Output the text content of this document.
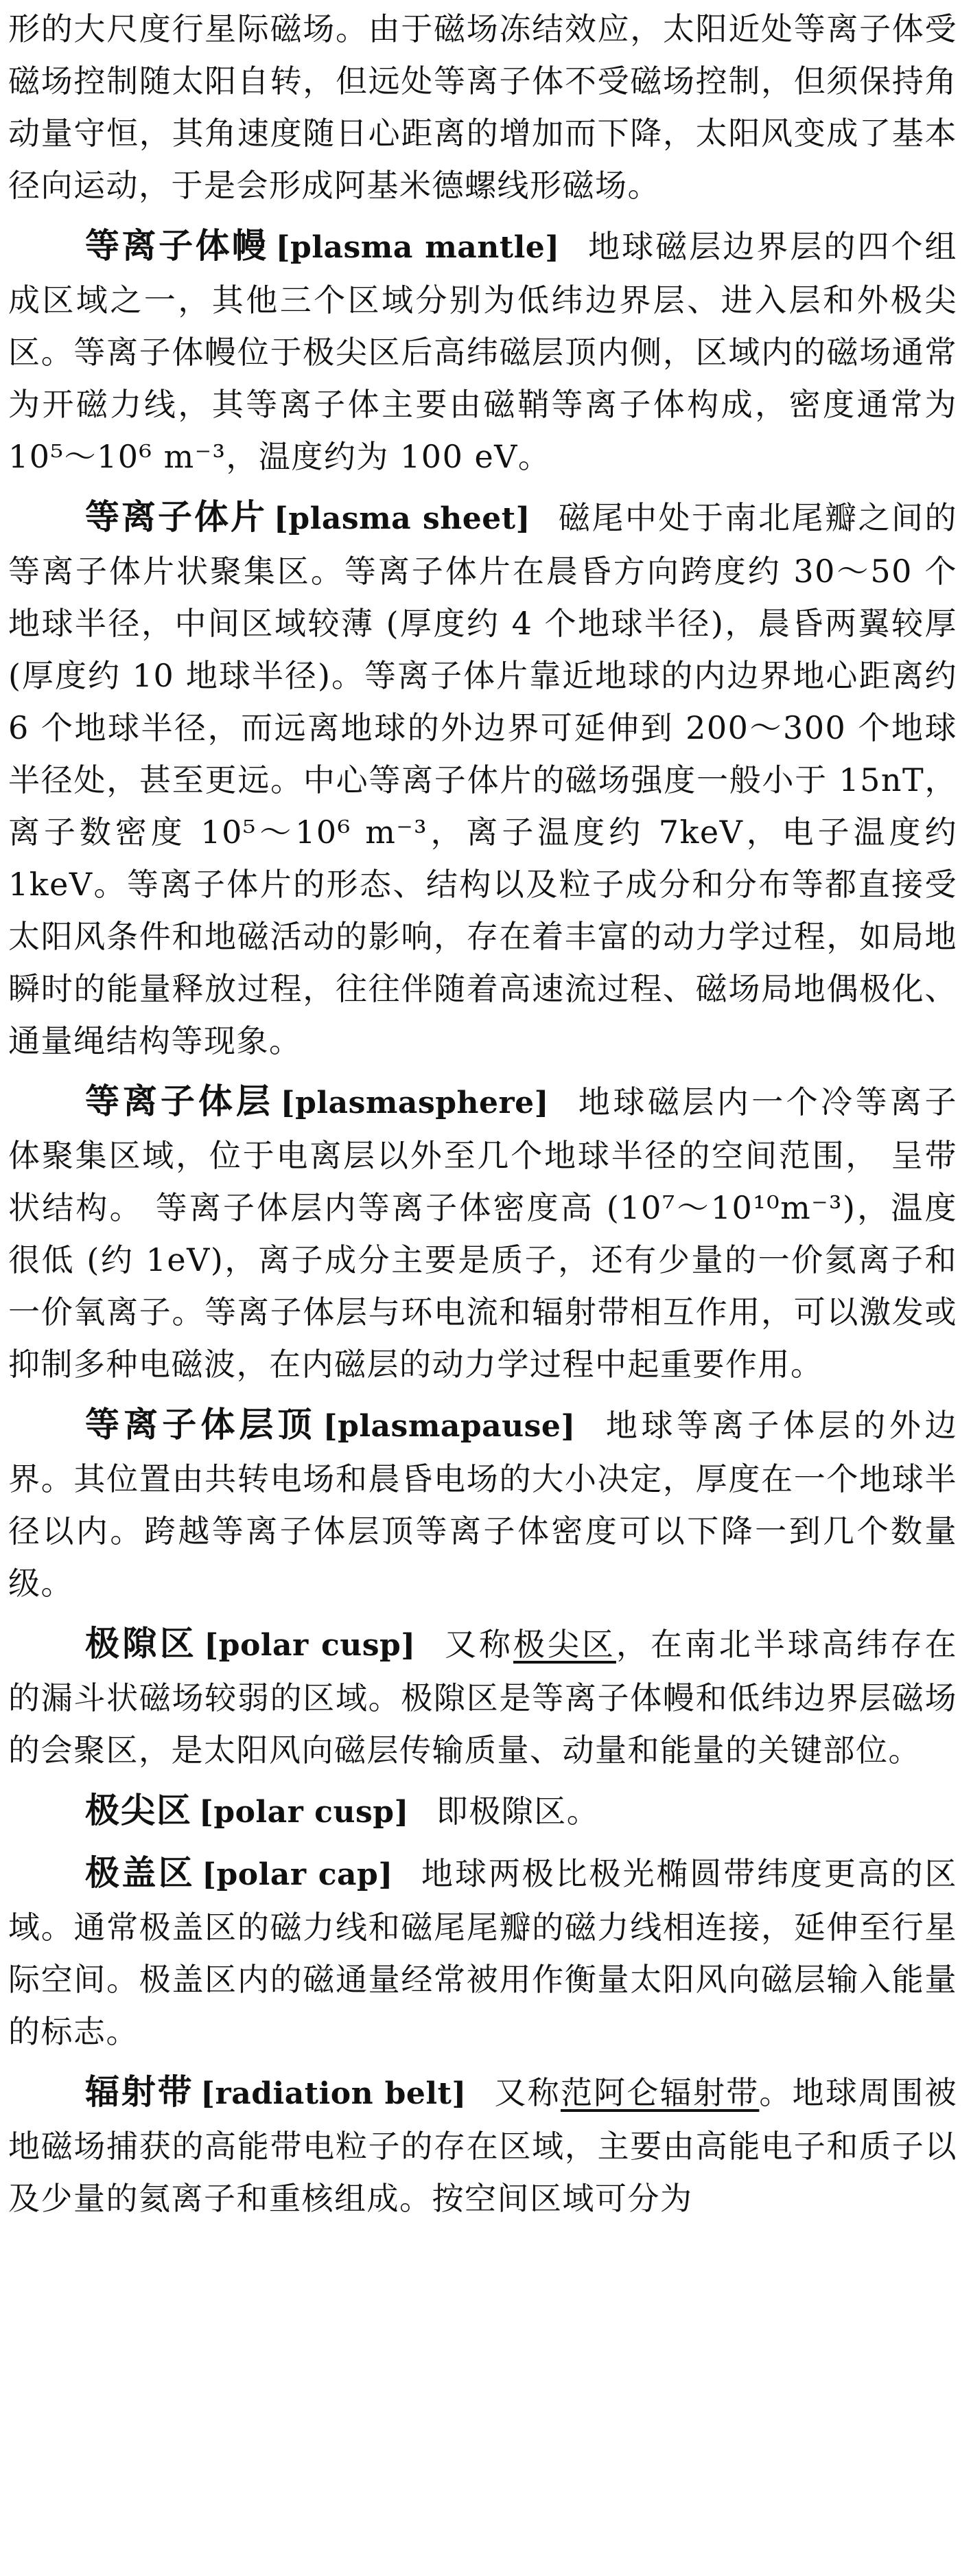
形的大尺度行星际磁场。由于磁场冻结效应，太阳近处等离子体受磁场控制随太阳自转，但远处等离子体不受磁场控制，但须保持角动量守恒，其角速度随日心距离的增加而下降，太阳风变成了基本径向运动，于是会形成阿基米德螺线形磁场。

等离子体幔 [plasma mantle] 地球磁层边界层的四个组成区域之一，其他三个区域分别为低纬边界层、进入层和外极尖区。等离子体幔位于极尖区后高纬磁层顶内侧，区域内的磁场通常为开磁力线，其等离子体主要由磁鞘等离子体构成，密度通常为 10⁵～10⁶ m⁻³，温度约为 100 eV。

等离子体片 [plasma sheet] 磁尾中处于南北尾瓣之间的等离子体片状聚集区。等离子体片在晨昏方向跨度约 30～50 个地球半径，中间区域较薄 (厚度约 4 个地球半径)，晨昏两翼较厚 (厚度约 10 地球半径)。等离子体片靠近地球的内边界地心距离约 6 个地球半径，而远离地球的外边界可延伸到 200～300 个地球半径处，甚至更远。中心等离子体片的磁场强度一般小于 15nT，离子数密度 10⁵～10⁶ m⁻³，离子温度约 7keV，电子温度约 1keV。等离子体片的形态、结构以及粒子成分和分布等都直接受太阳风条件和地磁活动的影响，存在着丰富的动力学过程，如局地瞬时的能量释放过程，往往伴随着高速流过程、磁场局地偶极化、通量绳结构等现象。

等离子体层 [plasmasphere] 地球磁层内一个冷等离子体聚集区域，位于电离层以外至几个地球半径的空间范围， 呈带状结构。 等离子体层内等离子体密度高 (10⁷～10¹⁰m⁻³)，温度很低 (约 1eV)，离子成分主要是质子，还有少量的一价氦离子和一价氧离子。等离子体层与环电流和辐射带相互作用，可以激发或抑制多种电磁波，在内磁层的动力学过程中起重要作用。

等离子体层顶 [plasmapause] 地球等离子体层的外边界。其位置由共转电场和晨昏电场的大小决定，厚度在一个地球半径以内。跨越等离子体层顶等离子体密度可以下降一到几个数量级。

极隙区 [polar cusp] 又称极尖区，在南北半球高纬存在的漏斗状磁场较弱的区域。极隙区是等离子体幔和低纬边界层磁场的会聚区，是太阳风向磁层传输质量、动量和能量的关键部位。

极尖区 [polar cusp] 即极隙区。

极盖区 [polar cap] 地球两极比极光椭圆带纬度更高的区域。通常极盖区的磁力线和磁尾尾瓣的磁力线相连接，延伸至行星际空间。极盖区内的磁通量经常被用作衡量太阳风向磁层输入能量的标志。

辐射带 [radiation belt] 又称范阿仑辐射带。地球周围被地磁场捕获的高能带电粒子的存在区域，主要由高能电子和质子以及少量的氦离子和重核组成。按空间区域可分为
